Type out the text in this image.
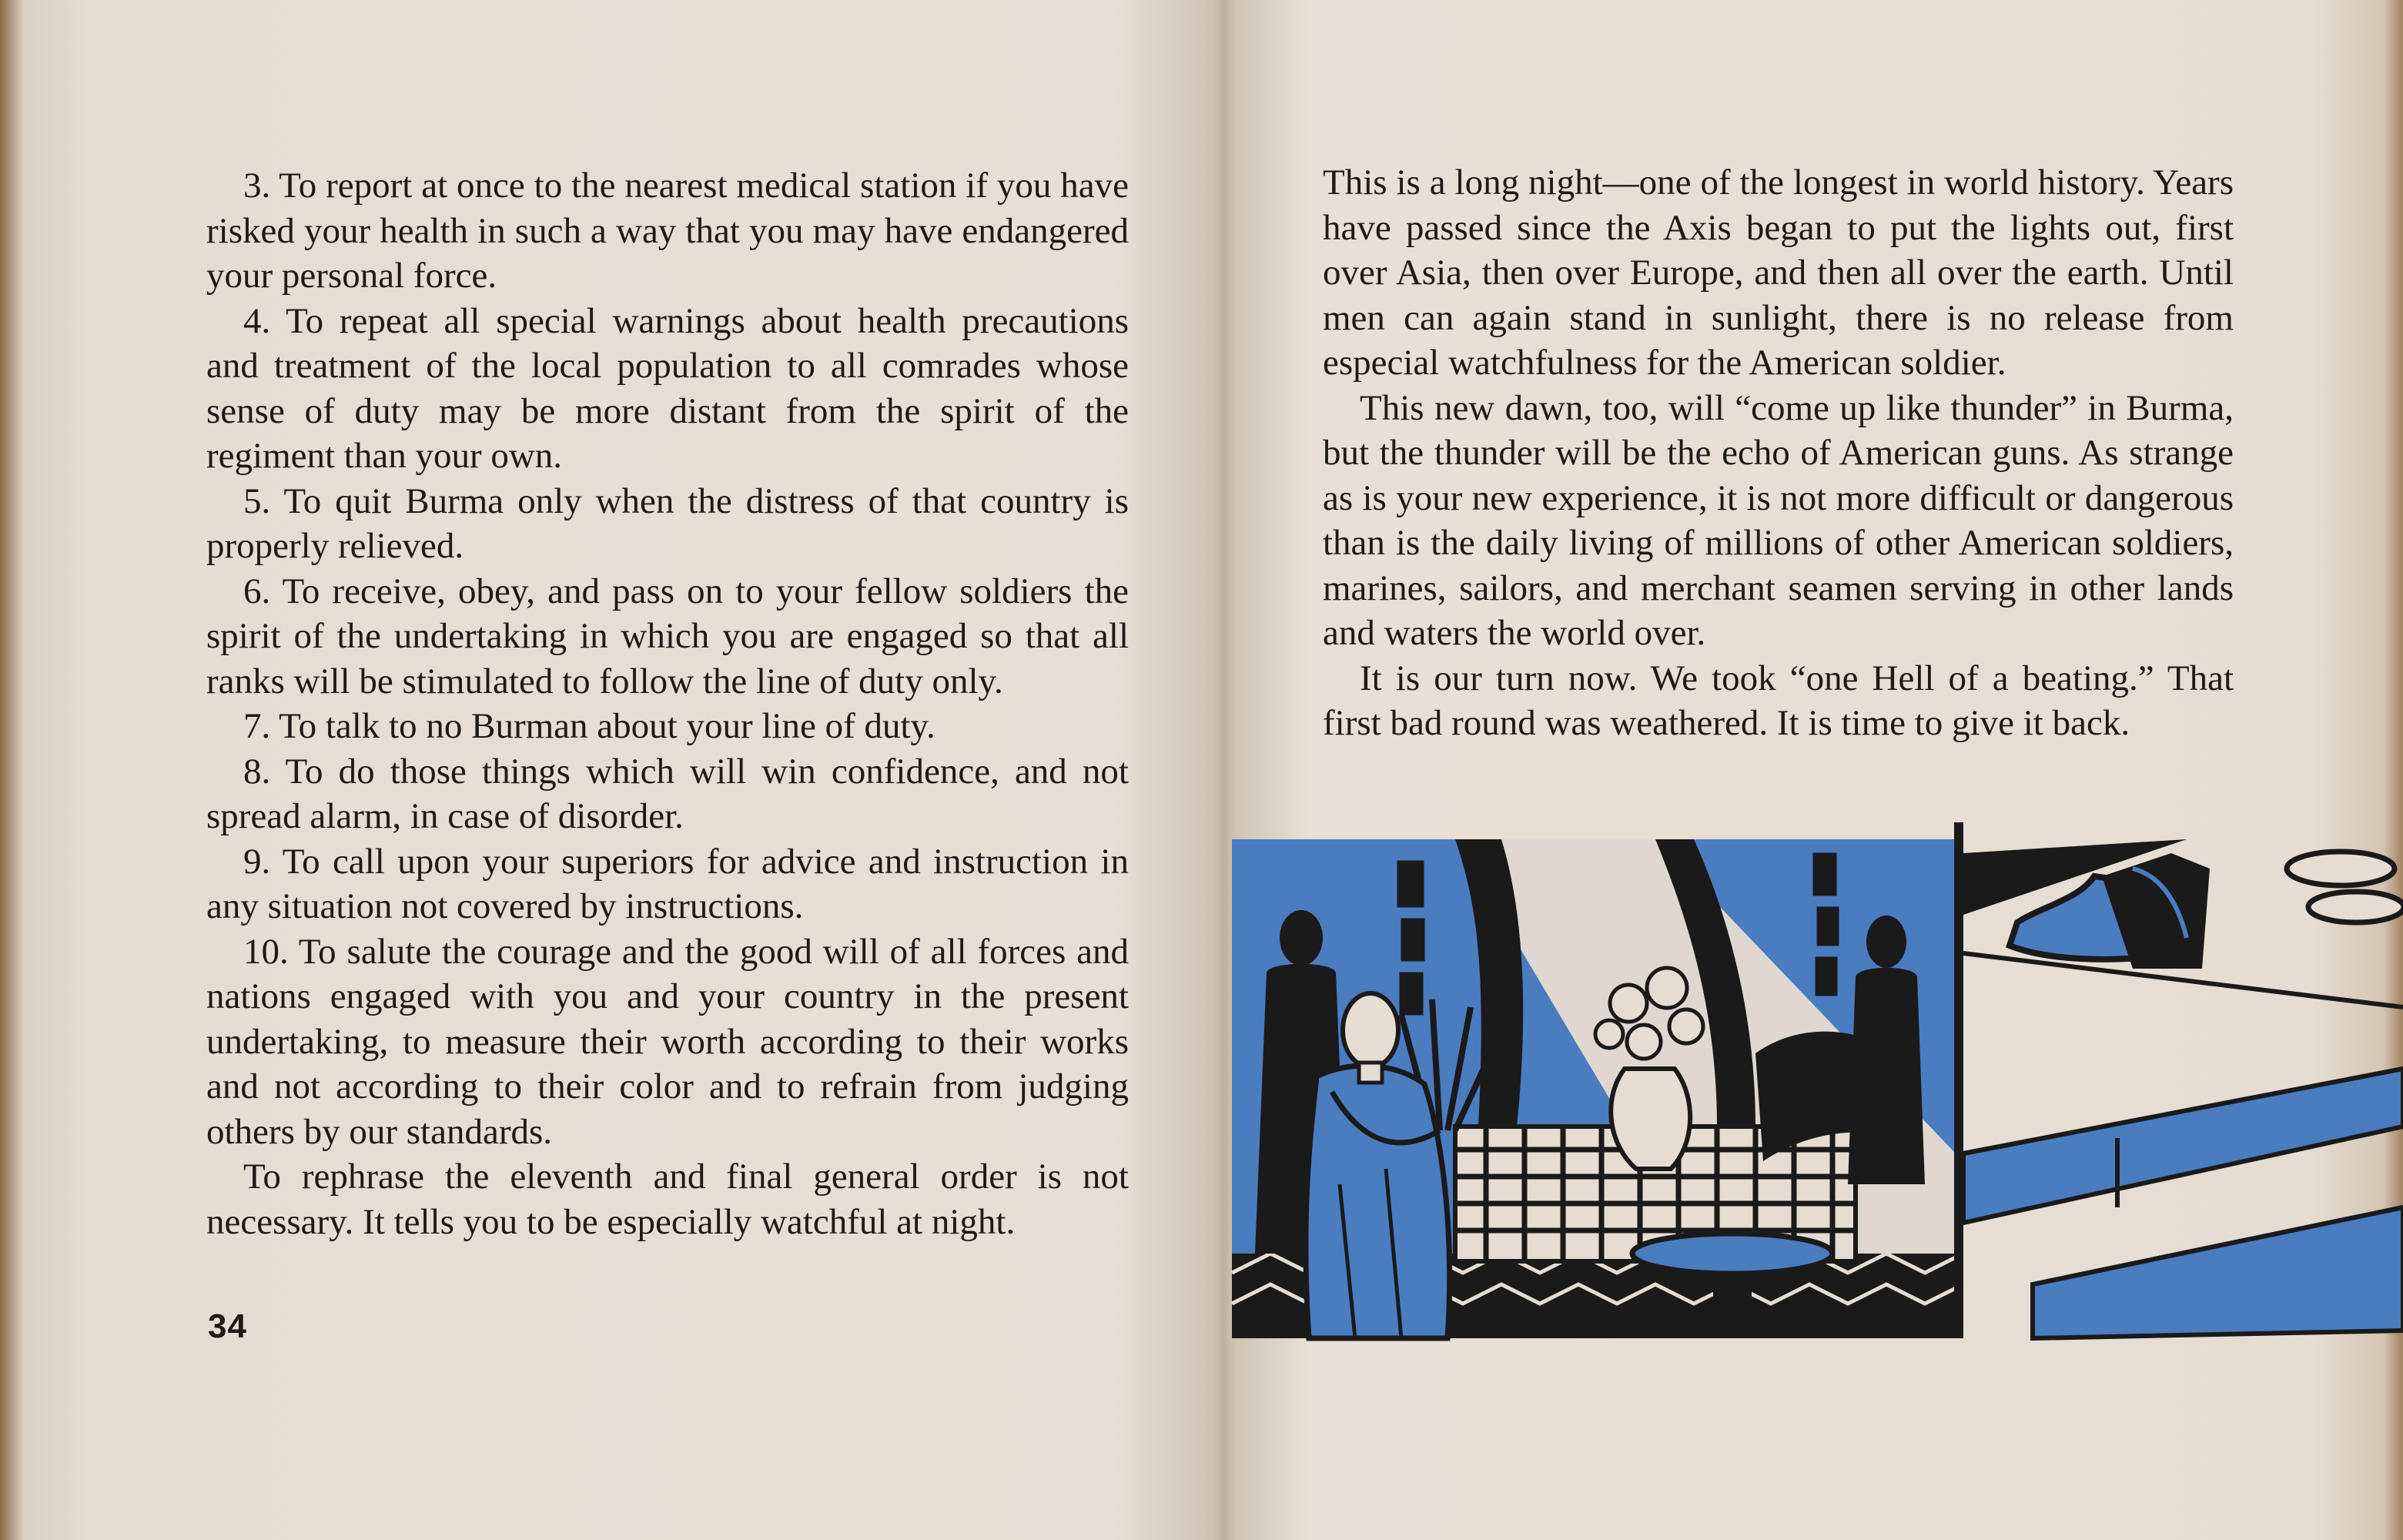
3. To report at once to the nearest medical station if you have risked your health in such a way that you may have endangered your personal force.

4. To repeat all special warnings about health precautions and treatment of the local population to all comrades whose sense of duty may be more distant from the spirit of the regiment than your own.

5. To quit Burma only when the distress of that country is properly relieved.

6. To receive, obey, and pass on to your fellow soldiers the spirit of the undertaking in which you are engaged so that all ranks will be stimulated to follow the line of duty only.

7. To talk to no Burman about your line of duty.

8. To do those things which will win confidence, and not spread alarm, in case of disorder.

9. To call upon your superiors for advice and instruction in any situation not covered by instructions.

10. To salute the courage and the good will of all forces and nations engaged with you and your country in the present undertaking, to measure their worth according to their works and not according to their color and to refrain from judging others by our standards.

To rephrase the eleventh and final general order is not necessary. It tells you to be especially watchful at night.

34

This is a long night—one of the longest in world history. Years have passed since the Axis began to put the lights out, first over Asia, then over Europe, and then all over the earth. Until men can again stand in sunlight, there is no release from especial watchfulness for the American soldier.

This new dawn, too, will “come up like thunder” in Burma, but the thunder will be the echo of American guns. As strange as is your new experience, it is not more difficult or dangerous than is the daily living of millions of other American soldiers, marines, sailors, and merchant seamen serving in other lands and waters the world over.

It is our turn now. We took “one Hell of a beating.” That first bad round was weathered. It is time to give it back.
